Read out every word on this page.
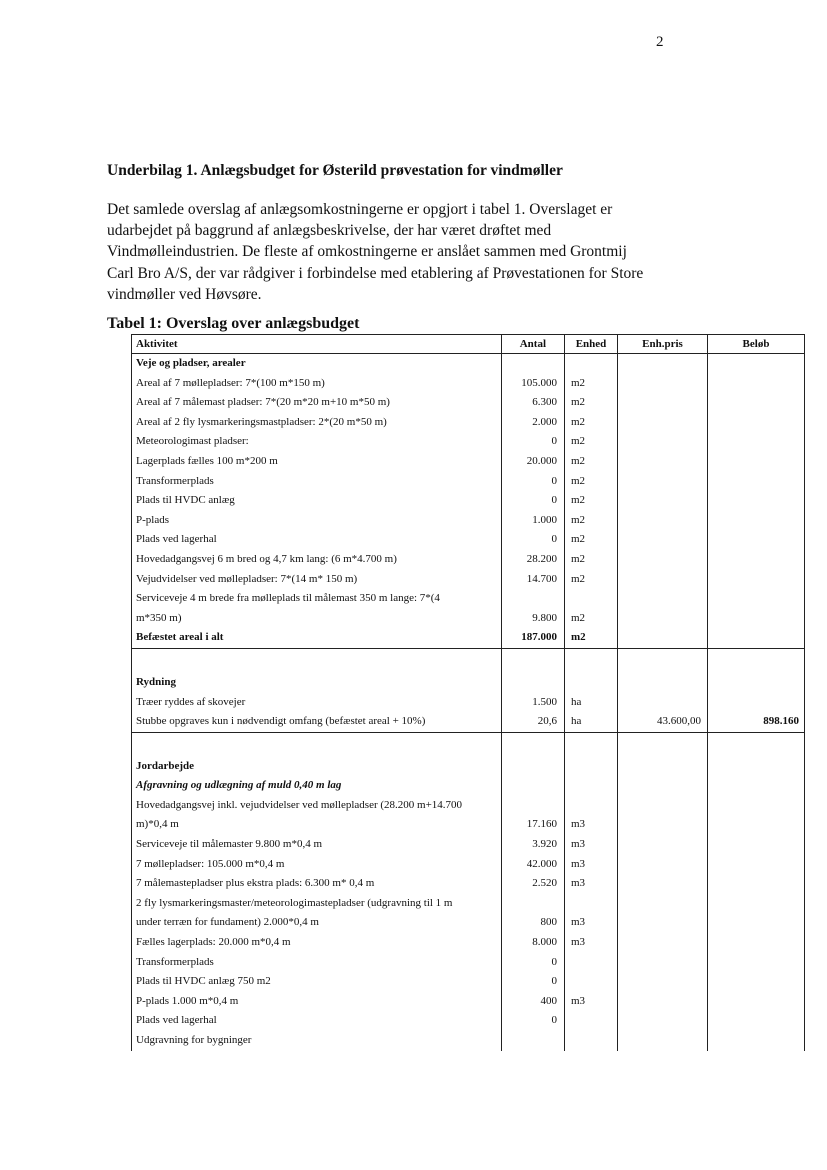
2
Underbilag 1. Anlægsbudget for Østerild prøvestation for vindmøller

Det samlede overslag af anlægsomkostningerne er opgjort i tabel 1. Overslaget er udarbejdet på baggrund af anlægsbeskrivelse, der har været drøftet med Vindmølleindustrien. De fleste af omkostningerne er anslået sammen med Grontmij Carl Bro A/S, der var rådgiver i forbindelse med etablering af Prøvestationen for Store vindmøller ved Høvsøre.

Tabel 1: Overslag over anlægsbudget
Aktivitet	Antal	Enhed	Enh.pris	Beløb
Veje og pladser, arealer				
Areal af 7 møllepladser: 7*(100 m*150 m)	105.000	m2		
Areal af 7 målemast pladser: 7*(20 m*20 m+10 m*50 m)	6.300	m2		
Areal af 2 fly lysmarkeringsmastpladser: 2*(20 m*50 m)	2.000	m2		
Meteorologimast pladser:	0	m2		
Lagerplads fælles 100 m*200 m	20.000	m2		
Transformerplads	0	m2		
Plads til HVDC anlæg	0	m2		
P-plads	1.000	m2		
Plads ved lagerhal	0	m2		
Hovedadgangsvej 6 m bred og 4,7 km lang: (6 m*4.700 m)	28.200	m2		
Vejudvidelser ved møllepladser: 7*(14 m* 150 m)	14.700	m2		
Serviceveje 4 m brede fra mølleplads til målemast 350 m lange: 7*(4				
m*350 m)	9.800	m2		
Befæstet areal i alt	187.000	m2		

Rydning				
Træer ryddes af skovejer	1.500	ha		
Stubbe opgraves kun i nødvendigt omfang (befæstet areal + 10%)	20,6	ha	43.600,00	898.160

Jordarbejde				
Afgravning og udlægning af muld 0,40 m lag				
Hovedadgangsvej inkl. vejudvidelser ved møllepladser (28.200 m+14.700				
m)*0,4 m	17.160	m3		
Serviceveje til målemaster 9.800 m*0,4 m	3.920	m3		
7 møllepladser: 105.000 m*0,4 m	42.000	m3		
7 målemastepladser plus ekstra plads: 6.300 m* 0,4 m	2.520	m3		
2 fly lysmarkeringsmaster/meteorologimastepladser (udgravning til 1 m				
under terræn for fundament) 2.000*0,4 m	800	m3		
Fælles lagerplads: 20.000 m*0,4 m	8.000	m3		
Transformerplads	0			
Plads til HVDC anlæg 750 m2	0			
P-plads 1.000 m*0,4 m	400	m3		
Plads ved lagerhal	0			
Udgravning for bygninger				
